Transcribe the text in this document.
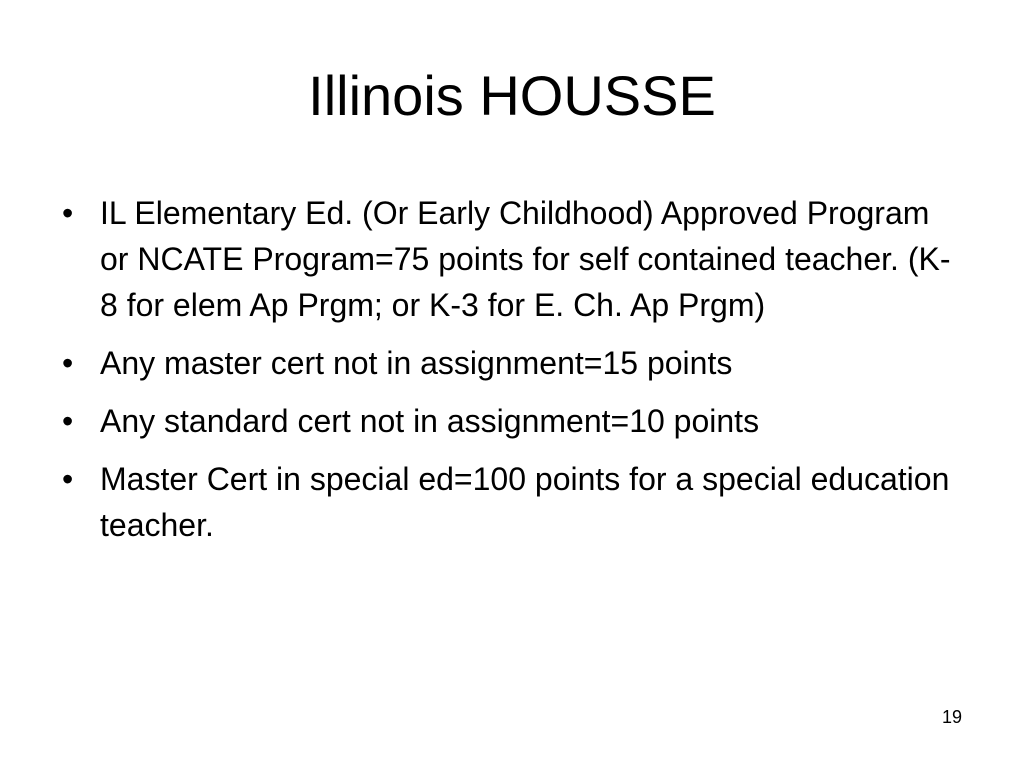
Illinois HOUSSE
• IL Elementary Ed. (Or Early Childhood) Approved Program or NCATE Program=75 points for self contained teacher. (K-8 for elem Ap Prgm; or K-3 for E. Ch. Ap Prgm)
• Any master cert not in assignment=15 points
• Any standard cert not in assignment=10 points
• Master Cert in special ed=100 points for a special education teacher.
19
